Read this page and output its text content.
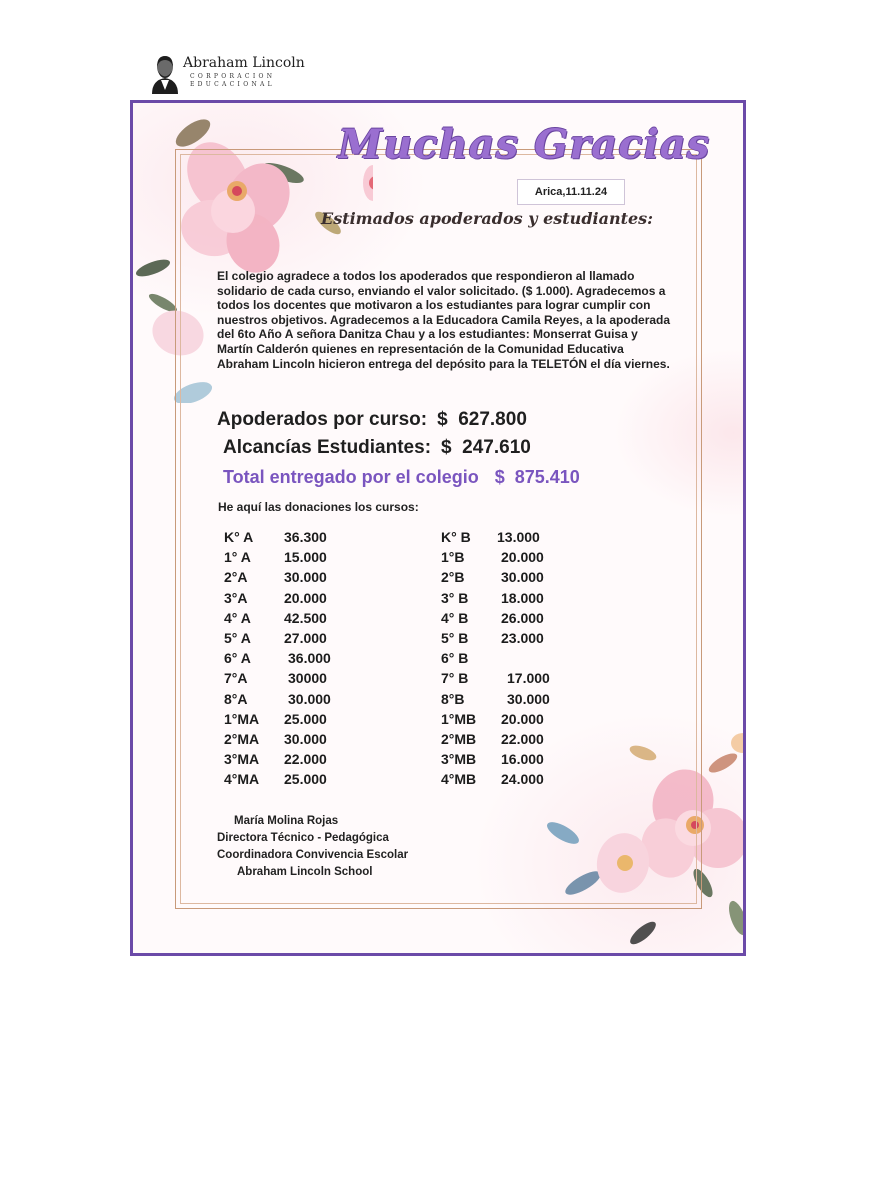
Abraham Lincoln
CORPORACION
EDUCACIONAL
Muchas Gracias
Arica,11.11.24
Estimados apoderados y estudiantes:
El colegio agradece a todos los apoderados que respondieron al llamado solidario de cada curso, enviando el valor solicitado. ($ 1.000). Agradecemos a todos los docentes que motivaron a los estudiantes para lograr cumplir con nuestros objetivos. Agradecemos a la Educadora Camila Reyes, a la apoderada del 6to Año A señora Danitza Chau y a los estudiantes: Monserrat Guisa y Martín Calderón quienes en representación de la Comunidad Educativa Abraham Lincoln hicieron entrega del depósito para la TELETÓN el día viernes.
Apoderados por curso: $  627.800
Alcancías Estudiantes: $  247.610
Total entregado por el colegio $  875.410
He aquí las donaciones los cursos:
K° A 36.300
1° A 15.000
2°A	30.000
3°A	20.000
4° A 42.500
5° A 27.000
6° A	36.000
7°A	30000
8°A	30.000
1°MA 25.000
2°MA 30.000
3°MA 22.000
4°MA 25.000
K° B 13.000
1°B	20.000
2°B	30.000
3° B 18.000
4° B 26.000
5° B 23.000
6° B
7° B	17.000
8°B	30.000
1°MB 20.000
2°MB 22.000
3°MB 16.000
4°MB 24.000
María Molina Rojas
Directora Técnico - Pedagógica
Coordinadora Convivencia Escolar
Abraham Lincoln School
